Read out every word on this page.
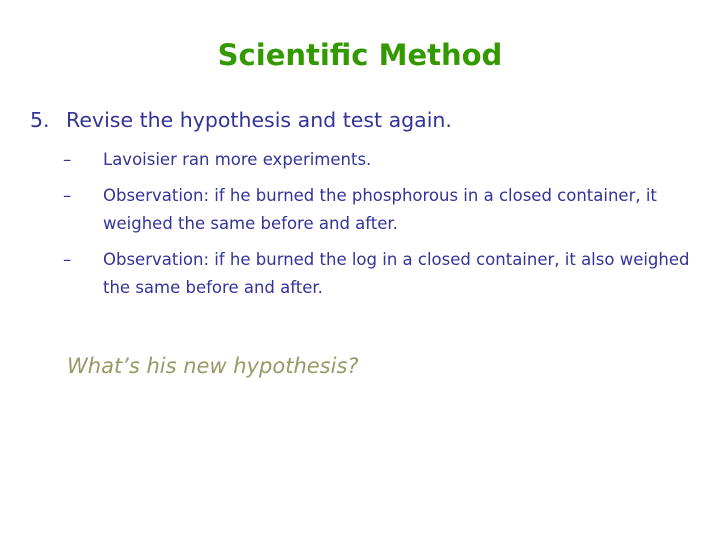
Scientific Method
5. Revise the hypothesis and test again.
– Lavoisier ran more experiments.
– Observation: if he burned the phosphorous in a closed container, it weighed the same before and after.
– Observation: if he burned the log in a closed container, it also weighed the same before and after.
What’s his new hypothesis?
